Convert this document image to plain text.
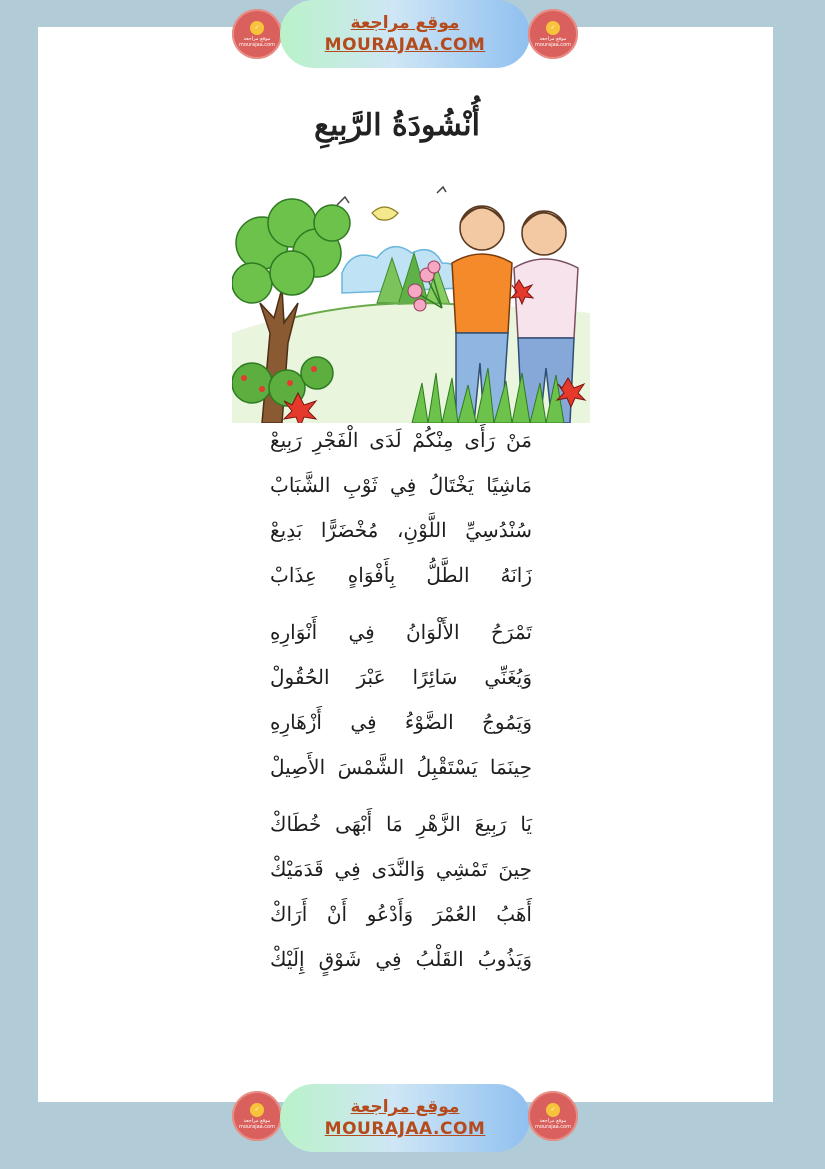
✓
موقع مراجعة mourajaa.com
موقع مراجعة
MOURAJAA.COM
✓
موقع مراجعة mourajaa.com
أُنْشُودَةُ الرَّبِيعِ
مَنْ رَأَى مِنْكُمْ لَدَى الْفَجْرِ رَبِيعْ
مَاشِيًا يَخْتَالُ فِي ثَوْبِ الشَّبَابْ
سُنْدُسِيِّ اللَّوْنِ، مُخْضَرًّا بَدِيعْ
زَانَهُ الطَّلُّ بِأَفْوَاهٍ عِذَابْ
تَمْرَحُ الأَلْوَانُ فِي أَنْوَارِهِ
وَيُغَنِّي سَائِرًا عَبْرَ الحُقُولْ
وَيَمُوجُ الضَّوْءُ فِي أَزْهَارِهِ
حِينَمَا يَسْتَقْبِلُ الشَّمْسَ الأَصِيلْ
يَا رَبِيعَ الزَّهْرِ مَا أَبْهَى خُطَاكْ
حِينَ تَمْشِي وَالنَّدَى فِي قَدَمَيْكْ
أَهَبُ العُمْرَ وَأَدْعُو أَنْ أَرَاكْ
وَيَذُوبُ القَلْبُ فِي شَوْقٍ إِلَيْكْ
✓
موقع مراجعة mourajaa.com
موقع مراجعة
MOURAJAA.COM
✓
موقع مراجعة mourajaa.com
